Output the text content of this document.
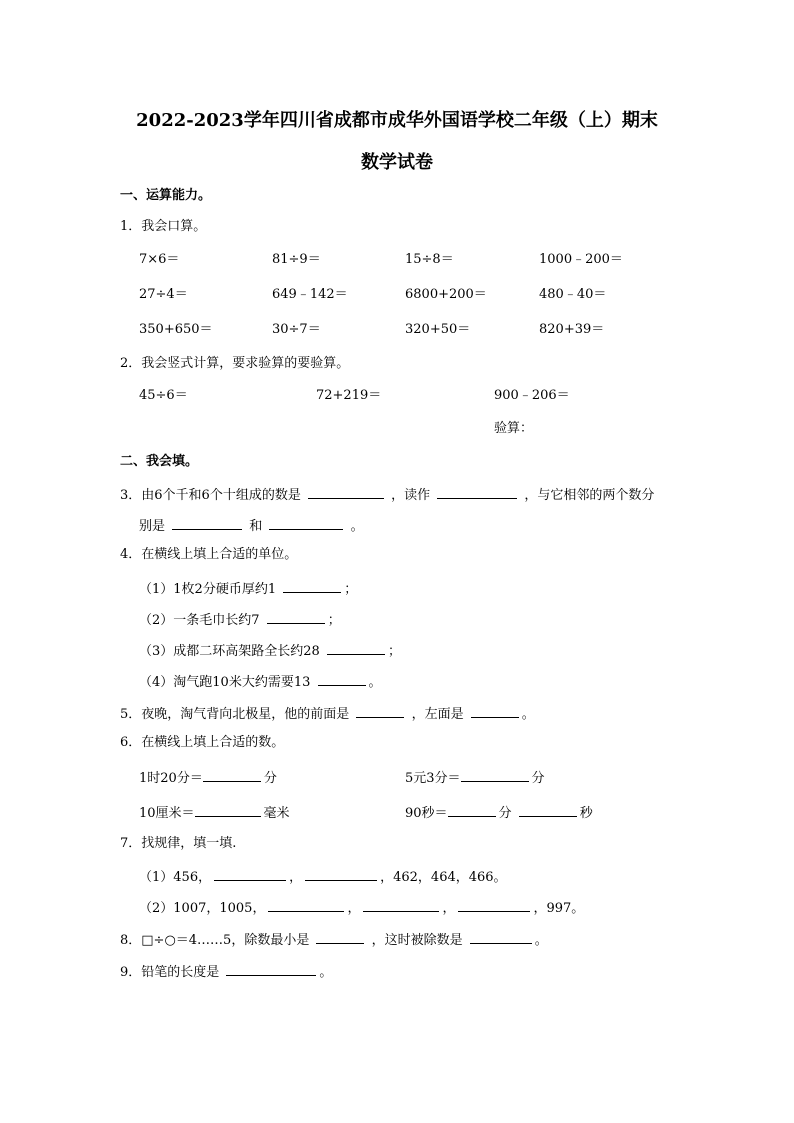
2022-2023学年四川省成都市成华外国语学校二年级（上）期末
数学试卷
一、运算能力。
1．我会口算。
7×6＝	81÷9＝	15÷8＝	1000﹣200＝
27÷4＝	649﹣142＝	6800+200＝	480﹣40＝
350+650＝	30÷7＝	320+50＝	820+39＝
2．我会竖式计算，要求验算的要验算。
45÷6＝	72+219＝	900﹣206＝
验算：
二、我会填。
3．由6个千和6个十组成的数是	，读作	，与它相邻的两个数分
别是	和	。
4．在横线上填上合适的单位。
（1）1枚2分硬币厚约1	；
（2）一条毛巾长约7	；
（3）成都二环高架路全长约28	；
（4）淘气跑10米大约需要13	。
5．夜晚，淘气背向北极星，他的前面是	，左面是	。
6．在横线上填上合适的数。
1时20分＝	分	5元3分＝	分
10厘米＝	毫米	90秒＝	分	秒
7．找规律，填一填.
（1）456，	，	，462，464，466。
（2）1007，1005，	，	，	，997。
8．□÷○＝4……5，除数最小是	，这时被除数是	。
9．铅笔的长度是	。
